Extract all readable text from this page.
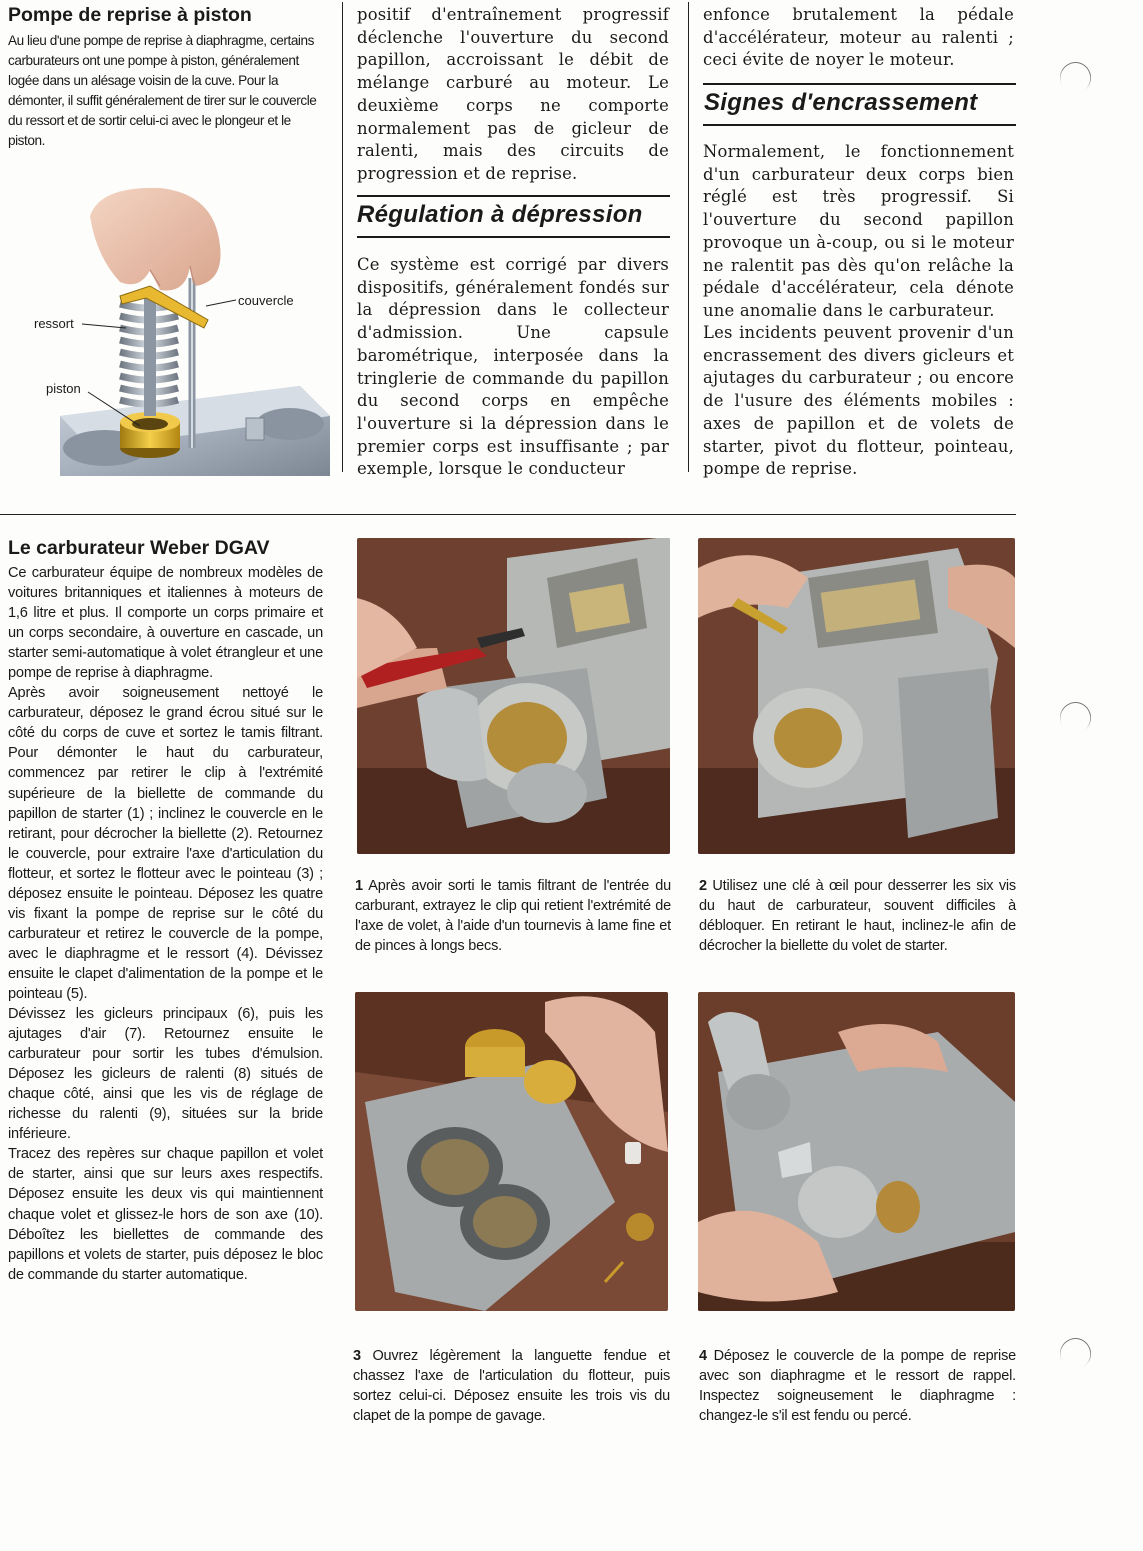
Pompe de reprise à piston

Au lieu d'une pompe de reprise à diaphragme, certains carburateurs ont une pompe à piston, généralement logée dans un alésage voisin de la cuve. Pour la démonter, il suffit généralement de tirer sur le couvercle du ressort et de sortir celui-ci avec le plongeur et le piston.

couvercle
ressort
piston

positif d'entraînement progressif déclenche l'ouverture du second papillon, accroissant le débit de mélange carburé au moteur. Le deuxième corps ne comporte normalement pas de gicleur de ralenti, mais des circuits de progression et de reprise.

Régulation à dépression

Ce système est corrigé par divers dispositifs, généralement fondés sur la dépression dans le collecteur d'admission. Une capsule barométrique, interposée dans la tringlerie de commande du papillon du second corps en empêche l'ouverture si la dépression dans le premier corps est insuffisante ; par exemple, lorsque le conducteur

enfonce brutalement la pédale d'accélérateur, moteur au ralenti ; ceci évite de noyer le moteur.

Signes d'encrassement

Normalement, le fonctionnement d'un carburateur deux corps bien réglé est très progressif. Si l'ouverture du second papillon provoque un à-coup, ou si le moteur ne ralentit pas dès qu'on relâche la pédale d'accélérateur, cela dénote une anomalie dans le carburateur.

Les incidents peuvent provenir d'un encrassement des divers gicleurs et ajutages du carburateur ; ou encore de l'usure des éléments mobiles : axes de papillon et de volets de starter, pivot du flotteur, pointeau, pompe de reprise.

Le carburateur Weber DGAV

Ce carburateur équipe de nombreux modèles de voitures britanniques et italiennes à moteurs de 1,6 litre et plus. Il comporte un corps primaire et un corps secondaire, à ouverture en cascade, un starter semi-automatique à volet étrangleur et une pompe de reprise à diaphragme.

Après avoir soigneusement nettoyé le carburateur, déposez le grand écrou situé sur le côté du corps de cuve et sortez le tamis filtrant. Pour démonter le haut du carburateur, commencez par retirer le clip à l'extrémité supérieure de la biellette de commande du papillon de starter (1) ; inclinez le couvercle en le retirant, pour décrocher la biellette (2). Retournez le couvercle, pour extraire l'axe d'articulation du flotteur, et sortez le flotteur avec le pointeau (3) ; déposez ensuite le pointeau. Déposez les quatre vis fixant la pompe de reprise sur le côté du carburateur et retirez le couvercle de la pompe, avec le diaphragme et le ressort (4). Dévissez ensuite le clapet d'alimentation de la pompe et le pointeau (5).

Dévissez les gicleurs principaux (6), puis les ajutages d'air (7). Retournez ensuite le carburateur pour sortir les tubes d'émulsion. Déposez les gicleurs de ralenti (8) situés de chaque côté, ainsi que les vis de réglage de richesse du ralenti (9), situées sur la bride inférieure.

Tracez des repères sur chaque papillon et volet de starter, ainsi que sur leurs axes respectifs. Déposez ensuite les deux vis qui maintiennent chaque volet et glissez-le hors de son axe (10). Déboîtez les biellettes de commande des papillons et volets de starter, puis déposez le bloc de commande du starter automatique.

1 Après avoir sorti le tamis filtrant de l'entrée du carburant, extrayez le clip qui retient l'extrémité de l'axe de volet, à l'aide d'un tournevis à lame fine et de pinces à longs becs.

2 Utilisez une clé à œil pour desserrer les six vis du haut de carburateur, souvent difficiles à débloquer. En retirant le haut, inclinez-le afin de décrocher la biellette du volet de starter.

3 Ouvrez légèrement la languette fendue et chassez l'axe de l'articulation du flotteur, puis sortez celui-ci. Déposez ensuite les trois vis du clapet de la pompe de gavage.

4 Déposez le couvercle de la pompe de reprise avec son diaphragme et le ressort de rappel. Inspectez soigneusement le diaphragme : changez-le s'il est fendu ou percé.
